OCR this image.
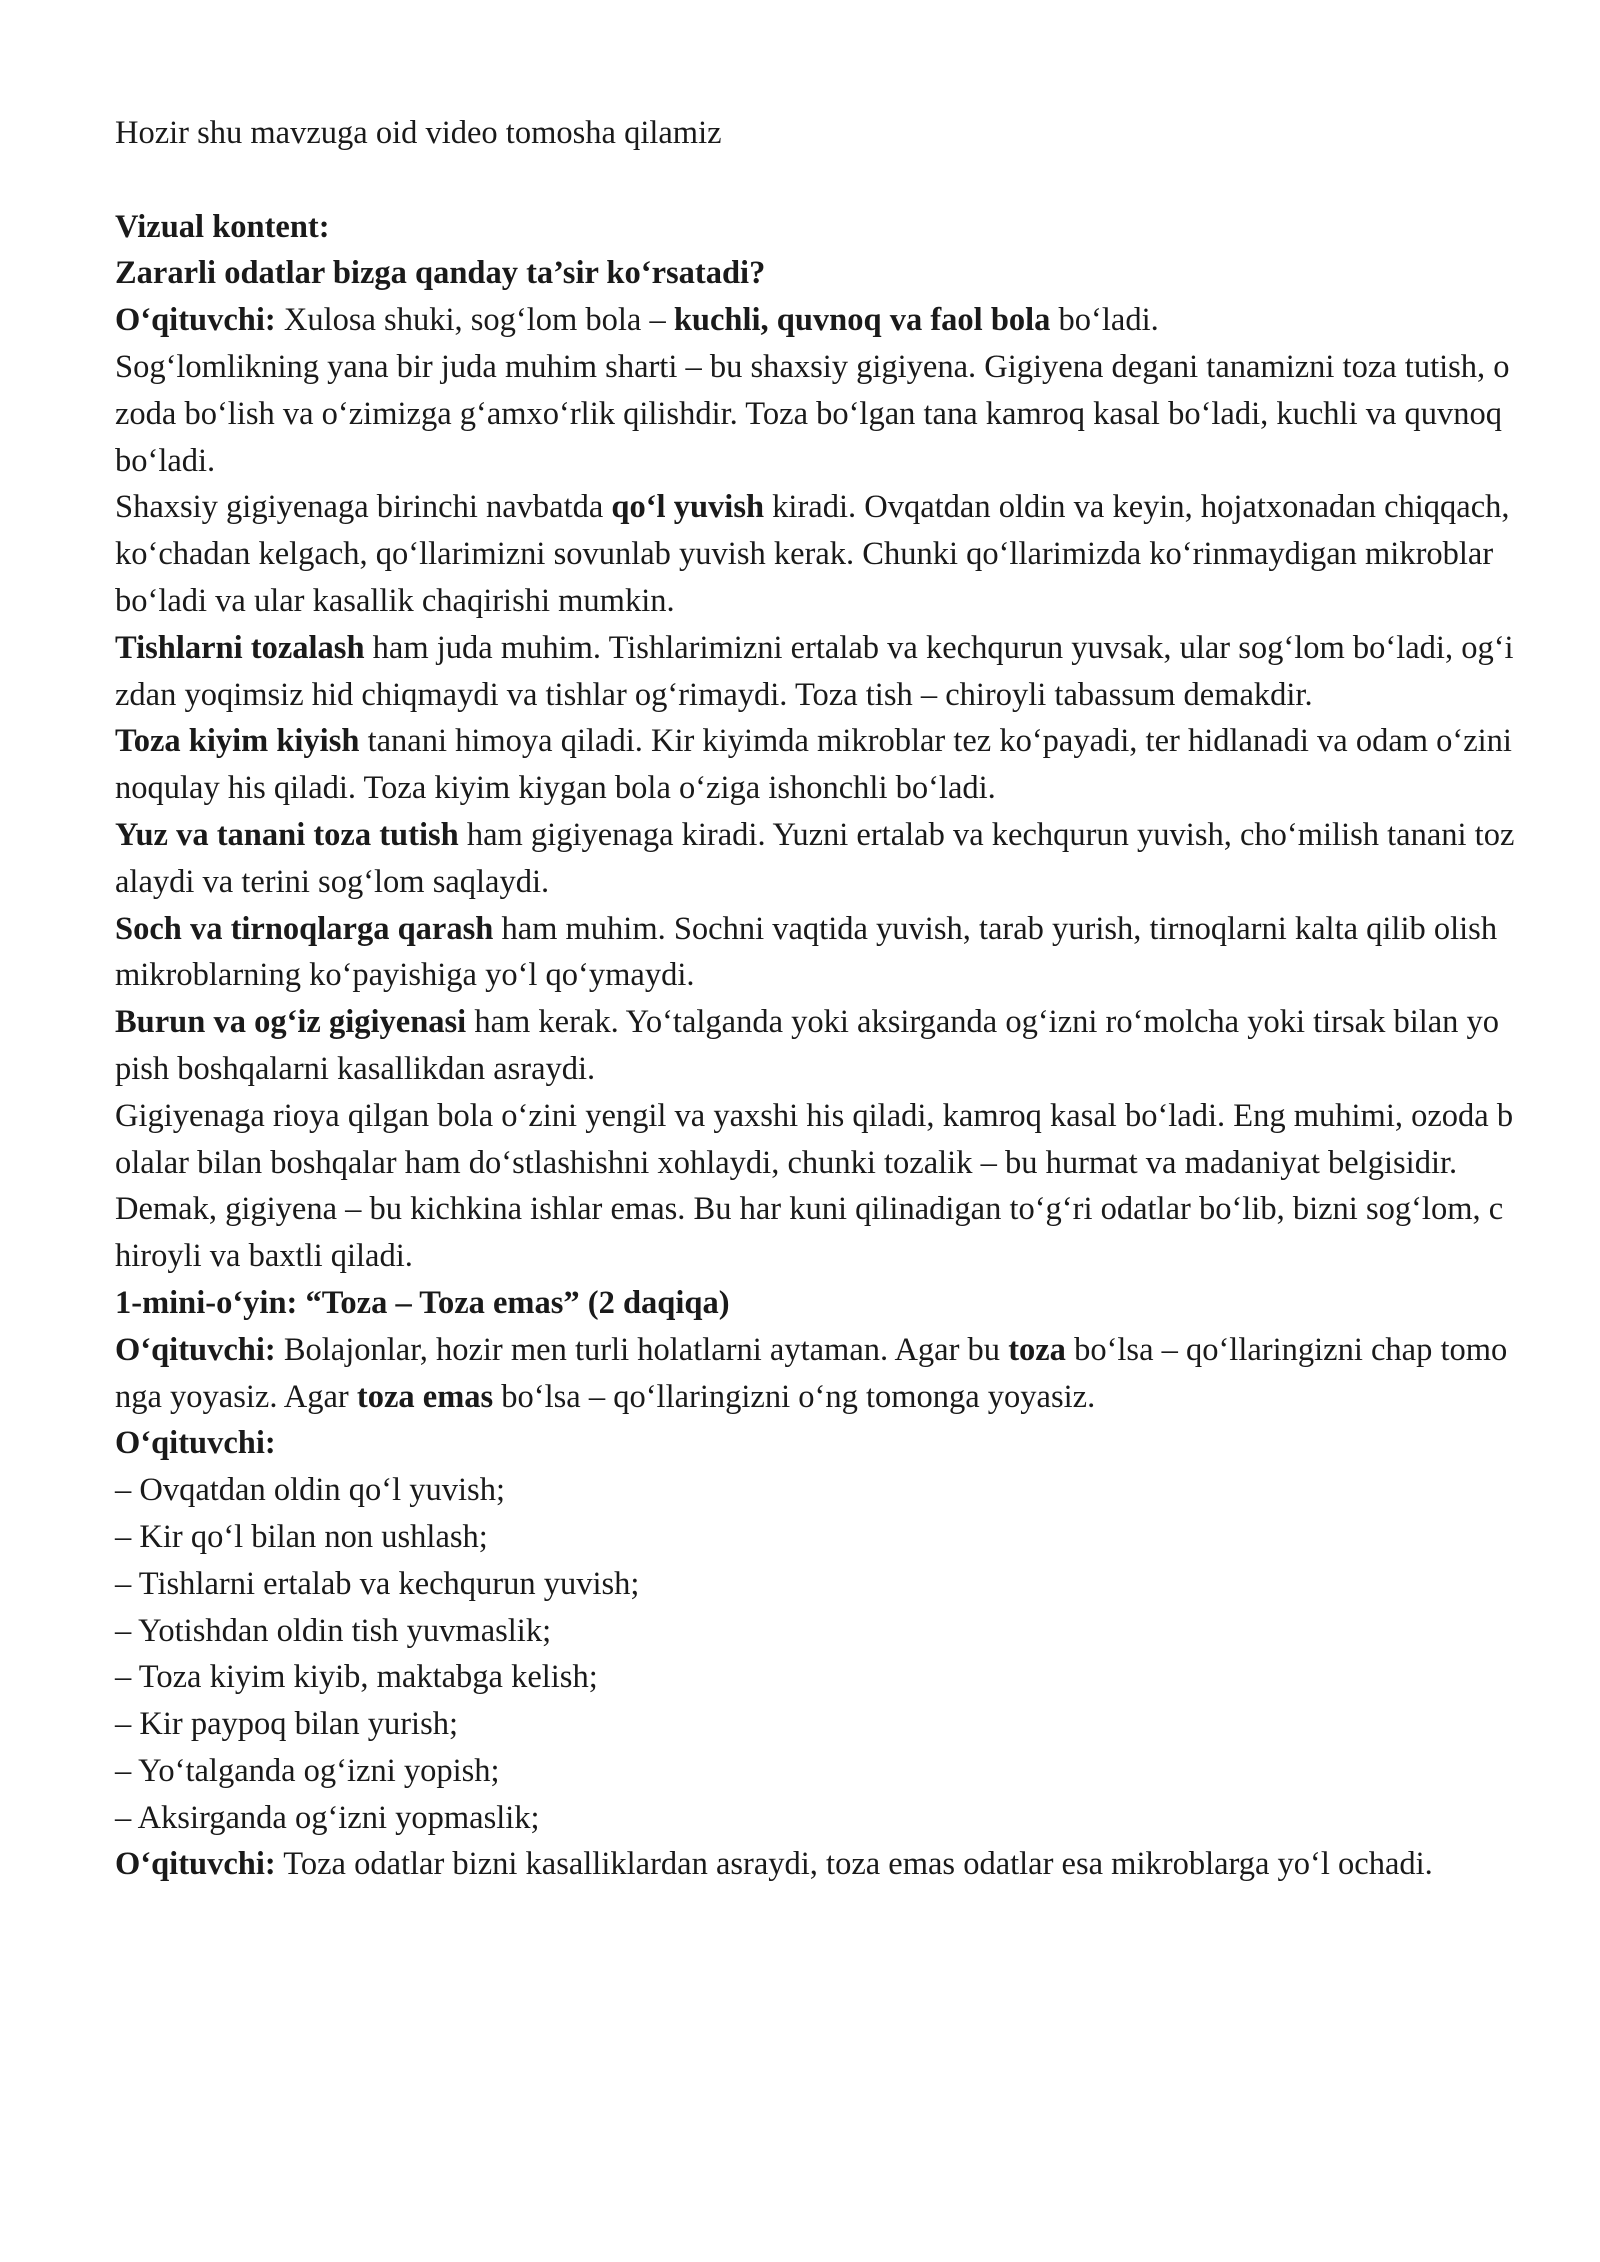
Hozir shu mavzuga oid video tomosha qilamiz

Vizual kontent:

Zararli odatlar bizga qanday ta’sir ko‘rsatadi?

O‘qituvchi: Xulosa shuki, sog‘lom bola – kuchli, quvnoq va faol bola bo‘ladi.

Sog‘lomlikning yana bir juda muhim sharti – bu shaxsiy gigiyena. Gigiyena degani tanamizni toza tutish, ozoda bo‘lish va o‘zimizga g‘amxo‘rlik qilishdir. Toza bo‘lgan tana kamroq kasal bo‘ladi, kuchli va quvnoq bo‘ladi.

Shaxsiy gigiyenaga birinchi navbatda qo‘l yuvish kiradi. Ovqatdan oldin va keyin, hojatxonadan chiqqach, ko‘chadan kelgach, qo‘llarimizni sovunlab yuvish kerak. Chunki qo‘llarimizda ko‘rinmaydigan mikroblar bo‘ladi va ular kasallik chaqirishi mumkin.

Tishlarni tozalash ham juda muhim. Tishlarimizni ertalab va kechqurun yuvsak, ular sog‘lom bo‘ladi, og‘izdan yoqimsiz hid chiqmaydi va tishlar og‘rimaydi. Toza tish – chiroyli tabassum demakdir.

Toza kiyim kiyish tanani himoya qiladi. Kir kiyimda mikroblar tez ko‘payadi, ter hidlanadi va odam o‘zini noqulay his qiladi. Toza kiyim kiygan bola o‘ziga ishonchli bo‘ladi.

Yuz va tanani toza tutish ham gigiyenaga kiradi. Yuzni ertalab va kechqurun yuvish, cho‘milish tanani tozalaydi va terini sog‘lom saqlaydi.

Soch va tirnoqlarga qarash ham muhim. Sochni vaqtida yuvish, tarab yurish, tirnoqlarni kalta qilib olish mikroblarning ko‘payishiga yo‘l qo‘ymaydi.

Burun va og‘iz gigiyenasi ham kerak. Yo‘talganda yoki aksirganda og‘izni ro‘molcha yoki tirsak bilan yopish boshqalarni kasallikdan asraydi.

Gigiyenaga rioya qilgan bola o‘zini yengil va yaxshi his qiladi, kamroq kasal bo‘ladi. Eng muhimi, ozoda bolalar bilan boshqalar ham do‘stlashishni xohlaydi, chunki tozalik – bu hurmat va madaniyat belgisidir.

Demak, gigiyena – bu kichkina ishlar emas. Bu har kuni qilinadigan to‘g‘ri odatlar bo‘lib, bizni sog‘lom, chiroyli va baxtli qiladi.

1-mini-o‘yin: “Toza – Toza emas” (2 daqiqa)

O‘qituvchi: Bolajonlar, hozir men turli holatlarni aytaman. Agar bu toza bo‘lsa – qo‘llaringizni chap tomonga yoyasiz. Agar toza emas bo‘lsa – qo‘llaringizni o‘ng tomonga yoyasiz.

O‘qituvchi:

– Ovqatdan oldin qo‘l yuvish;

– Kir qo‘l bilan non ushlash;

– Tishlarni ertalab va kechqurun yuvish;

– Yotishdan oldin tish yuvmaslik;

– Toza kiyim kiyib, maktabga kelish;

– Kir paypoq bilan yurish;

– Yo‘talganda og‘izni yopish;

– Aksirganda og‘izni yopmaslik;

O‘qituvchi: Toza odatlar bizni kasalliklardan asraydi, toza emas odatlar esa mikroblarga yo‘l ochadi.
